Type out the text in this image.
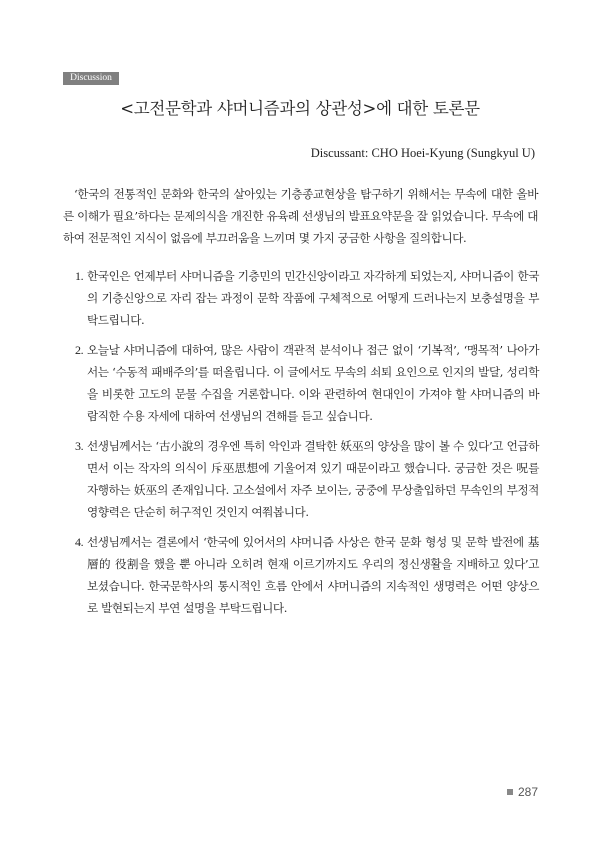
Discussion
<고전문학과 샤머니즘과의 상관성>에 대한 토론문
Discussant: CHO Hoei-Kyung (Sungkyul U)

‘한국의 전통적인 문화와 한국의 살아있는 기층종교현상을 탐구하기 위해서는 무속에 대한 올바른 이해가 필요’하다는 문제의식을 개진한 유육례 선생님의 발표요약문을 잘 읽었습니다. 무속에 대하여 전문적인 지식이 없음에 부끄러움을 느끼며 몇 가지 궁금한 사항을 질의합니다.

1. 한국인은 언제부터 샤머니즘을 기층민의 민간신앙이라고 자각하게 되었는지, 샤머니즘이 한국의 기층신앙으로 자리 잡는 과정이 문학 작품에 구체적으로 어떻게 드러나는지 보충설명을 부탁드립니다.
2. 오늘날 샤머니즘에 대하여, 많은 사람이 객관적 분석이나 접근 없이 ‘기복적’, ‘맹목적’ 나아가서는 ‘수동적 패배주의’를 떠올립니다. 이 글에서도 무속의 쇠퇴 요인으로 인지의 발달, 성리학을 비롯한 고도의 문물 수집을 거론합니다. 이와 관련하여 현대인이 가져야 할 샤머니즘의 바람직한 수용 자세에 대하여 선생님의 견해를 듣고 싶습니다.
3. 선생님께서는 ‘古小說의 경우엔 특히 악인과 결탁한 妖巫의 양상을 많이 볼 수 있다’고 언급하면서 이는 작자의 의식이 斥巫思想에 기울어져 있기 때문이라고 했습니다. 궁금한 것은 呪를 자행하는 妖巫의 존재입니다. 고소설에서 자주 보이는, 궁중에 무상출입하던 무속인의 부정적 영향력은 단순히 허구적인 것인지 여쭤봅니다.
4. 선생님께서는 결론에서 ‘한국에 있어서의 샤머니즘 사상은 한국 문화 형성 및 문학 발전에 基層的 役割을 했을 뿐 아니라 오히려 현재 이르기까지도 우리의 정신생활을 지배하고 있다’고 보셨습니다. 한국문학사의 통시적인 흐름 안에서 샤머니즘의 지속적인 생명력은 어떤 양상으로 발현되는지 부연 설명을 부탁드립니다.
287
